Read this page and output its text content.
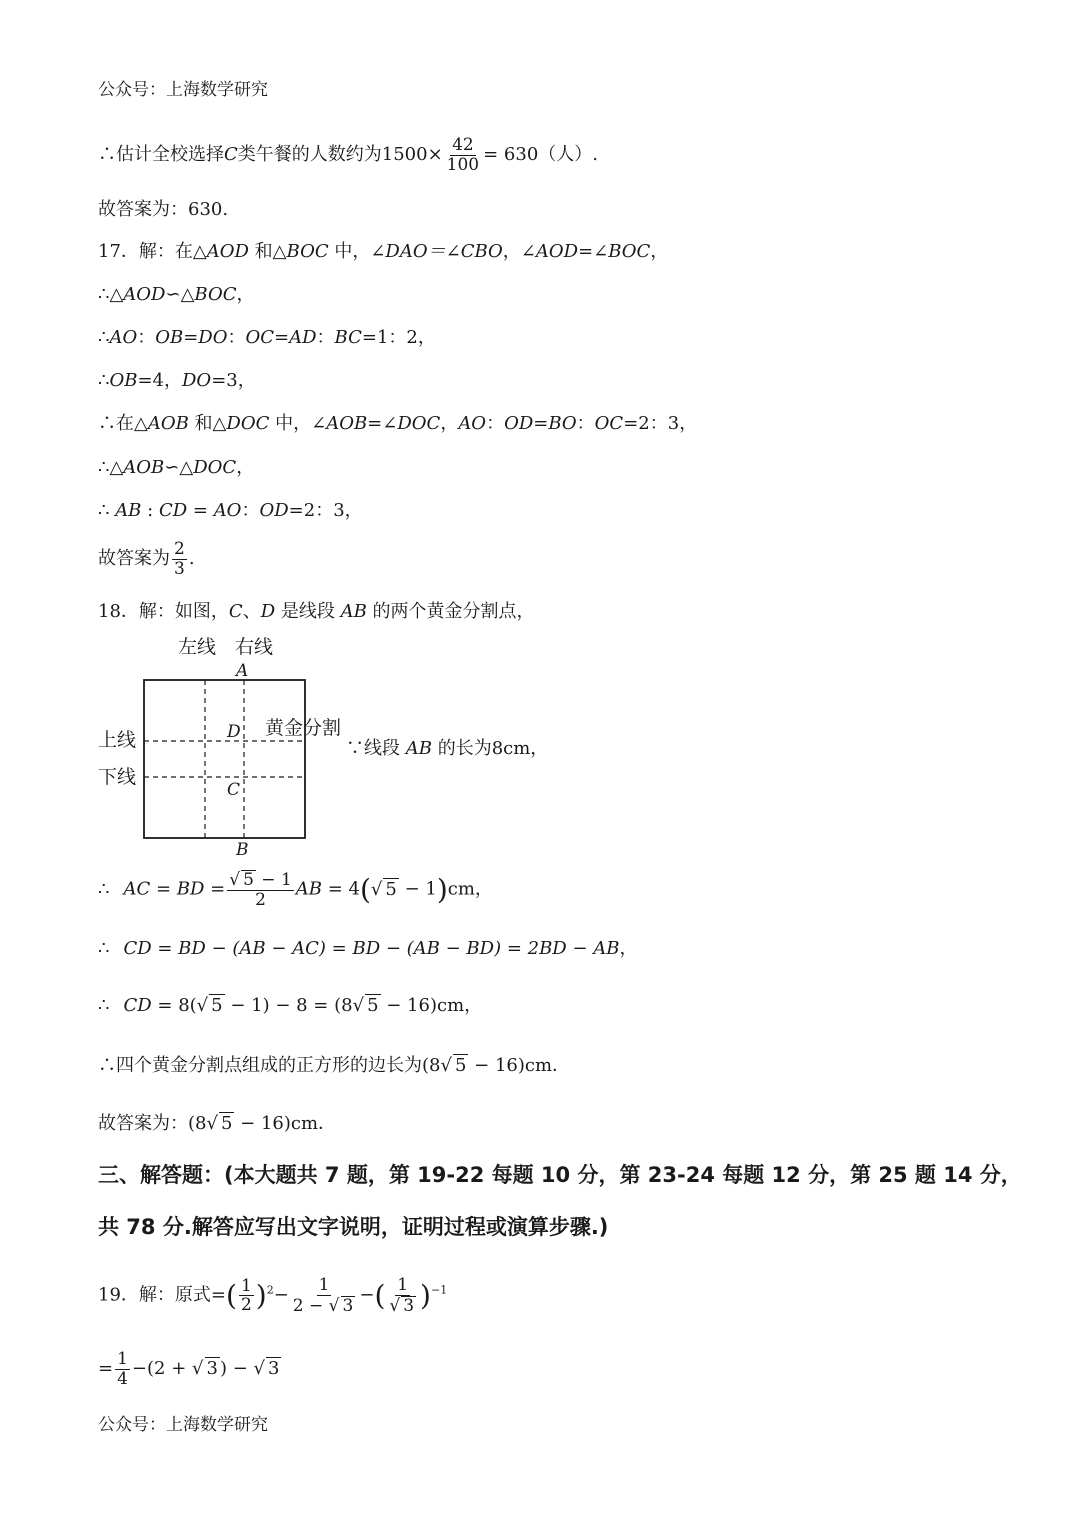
公众号：上海数学研究
∴估计全校选择C类午餐的人数约为$1500\times \frac{42}{100} = 630$（人）.
故答案为：630.
17．解：在△AOD 和△BOC 中，∠DAO＝∠CBO，∠AOD=∠BOC，
∴△AOD∽△BOC，
∴AO：OB=DO：OC=AD：BC=1：2，
∴OB=4，DO=3，
∴在△AOB 和△DOC 中，∠AOB=∠DOC，AO：OD=BO：OC=2：3，
∴△AOB∽△DOC，
∴ AB : CD = AO：OD=2：3，
故答案为 $\frac{2}{3}$ .
18．解：如图，C、D 是线段 AB 的两个黄金分割点，
左线 右线
A
上线
下线
D 黄金分割
C
B
∵线段 AB 的长为8cm，
∴ AC = BD = √ $\frac{5 - 1}{2}$ AB = 4( √ 5 − 1)cm，
∴ CD = BD − (AB − AC) = BD − (AB − BD) = 2BD − AB，
∴ CD = 8( √ 5 − 1) − 8 = (8 √ 5 − 16)cm，
∴四个黄金分割点组成的正方形的边长为(8 √ 5 − 16)cm．
故答案为：(8 √ 5 − 16)cm．
三、解答题：(本大题共 7 题，第 19-22 每题 10 分，第 23-24 每题 12 分，第 25 题 14 分，
共 78 分.解答应写出文字说明，证明过程或演算步骤.)
19．解：原式=( $\frac{1}{2} )^2- \frac{1}{2 - √ 3}$ −( 1
√ 3 )$^{-1}$
= $\frac{1}{4} -(2$ + √ 3 ) − √ 3
公众号：上海数学研究
